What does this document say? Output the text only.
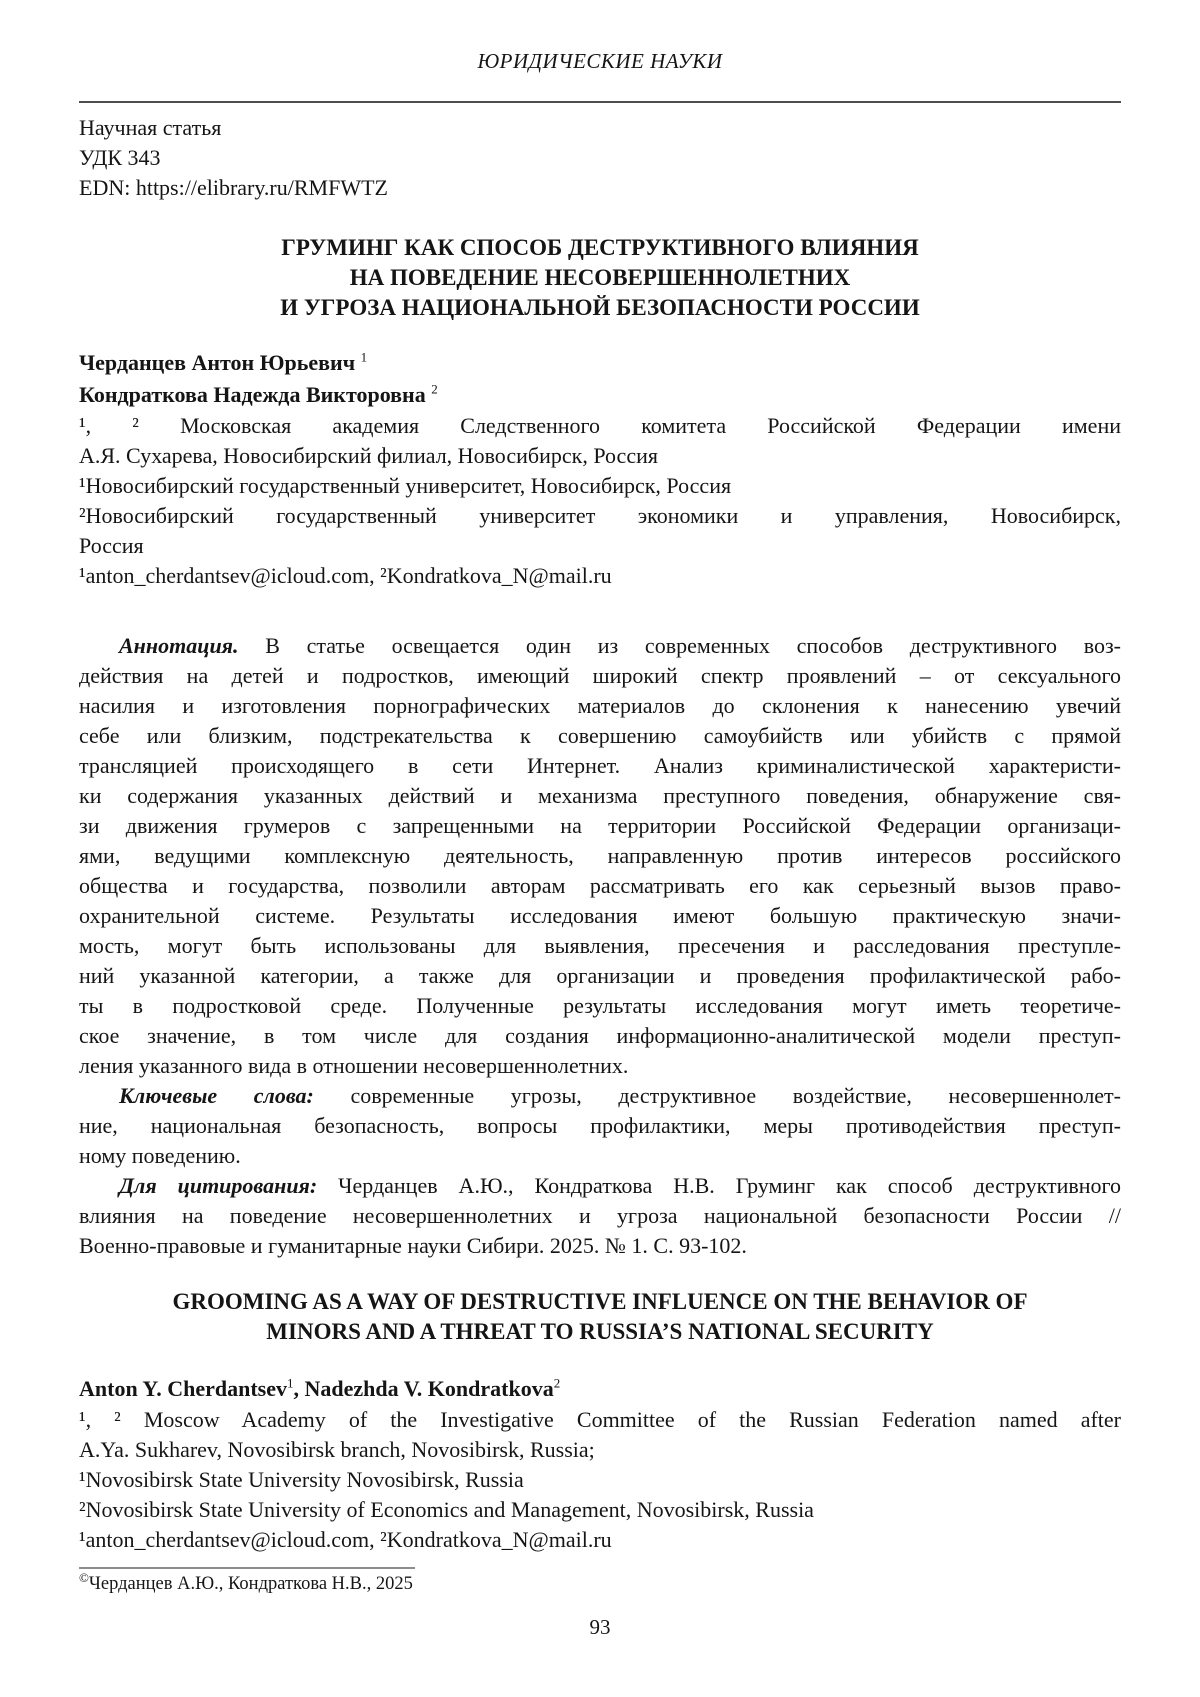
ЮРИДИЧЕСКИЕ НАУКИ
Научная статья
УДК 343
EDN: https://elibrary.ru/RMFWTZ
ГРУМИНГ КАК СПОСОБ ДЕСТРУКТИВНОГО ВЛИЯНИЯ
НА ПОВЕДЕНИЕ НЕСОВЕРШЕННОЛЕТНИХ
И УГРОЗА НАЦИОНАЛЬНОЙ БЕЗОПАСНОСТИ РОССИИ
Черданцев Антон Юрьевич $^1$
Кондраткова Надежда Викторовна $^2$
¹, ² Московская академия Следственного комитета Российской Федерации имени
А.Я. Сухарева, Новосибирский филиал, Новосибирск, Россия
¹Новосибирский государственный университет, Новосибирск, Россия
²Новосибирский государственный университет экономики и управления, Новосибирск,
Россия
¹anton_cherdantsev@icloud.com, ²Kondratkova_N@mail.ru
Аннотация. В статье освещается один из современных способов деструктивного воз-
действия на детей и подростков, имеющий широкий спектр проявлений – от сексуального
насилия и изготовления порнографических материалов до склонения к нанесению увечий
себе или близким, подстрекательства к совершению самоубийств или убийств с прямой
трансляцией происходящего в сети Интернет. Анализ криминалистической характеристи-
ки содержания указанных действий и механизма преступного поведения, обнаружение свя-
зи движения грумеров с запрещенными на территории Российской Федерации организаци-
ями, ведущими комплексную деятельность, направленную против интересов российского
общества и государства, позволили авторам рассматривать его как серьезный вызов право-
охранительной системе. Результаты исследования имеют большую практическую значи-
мость, могут быть использованы для выявления, пресечения и расследования преступле-
ний указанной категории, а также для организации и проведения профилактической рабо-
ты в подростковой среде. Полученные результаты исследования могут иметь теоретиче-
ское значение, в том числе для создания информационно-аналитической модели преступ-
ления указанного вида в отношении несовершеннолетних.
Ключевые слова: современные угрозы, деструктивное воздействие, несовершеннолет-
ние, национальная безопасность, вопросы профилактики, меры противодействия преступ-
ному поведению.
Для цитирования: Черданцев А.Ю., Кондраткова Н.В. Груминг как способ деструктивного
влияния на поведение несовершеннолетних и угроза национальной безопасности России //
Военно-правовые и гуманитарные науки Сибири. 2025. № 1. С. 93-102.
GROOMING AS A WAY OF DESTRUCTIVE INFLUENCE ON THE BEHAVIOR OF
MINORS AND A THREAT TO RUSSIA’S NATIONAL SECURITY
Anton Y. Cherdantsev$^1$, Nadezhda V. Kondratkova$^2$
¹, ² Moscow Academy of the Investigative Committee of the Russian Federation named after
A.Ya. Sukharev, Novosibirsk branch, Novosibirsk, Russia;
¹Novosibirsk State University Novosibirsk, Russia
²Novosibirsk State University of Economics and Management, Novosibirsk, Russia
¹anton_cherdantsev@icloud.com, ²Kondratkova_N@mail.ru
©Черданцев А.Ю., Кондраткова Н.В., 2025
93
